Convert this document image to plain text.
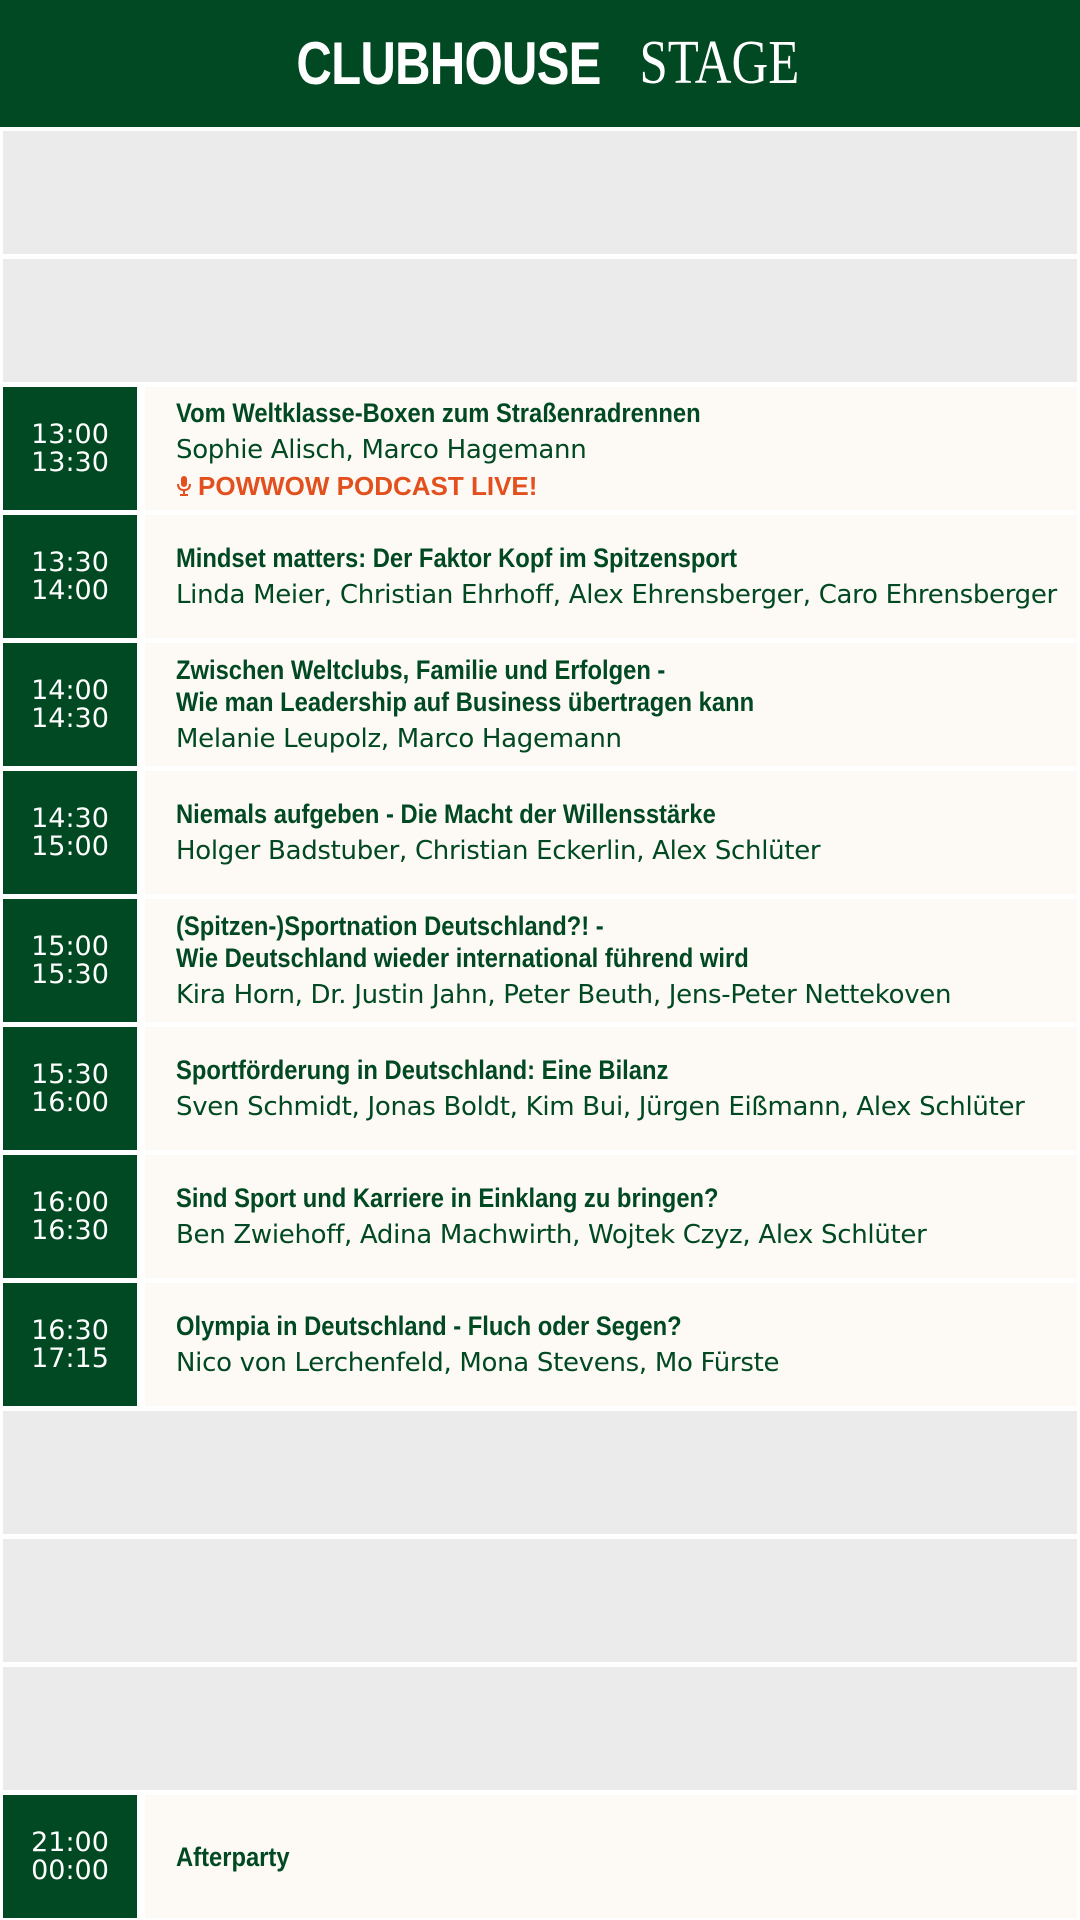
CLUBHOUSE STAGE
13:00
13:30
Vom Weltklasse-Boxen zum Straßenradrennen
Sophie Alisch, Marco Hagemann
POWWOW PODCAST LIVE!
13:30
14:00
Mindset matters: Der Faktor Kopf im Spitzensport
Linda Meier, Christian Ehrhoff, Alex Ehrensberger, Caro Ehrensberger
14:00
14:30
Zwischen Weltclubs, Familie und Erfolgen -
Wie man Leadership auf Business übertragen kann
Melanie Leupolz, Marco Hagemann
14:30
15:00
Niemals aufgeben - Die Macht der Willensstärke
Holger Badstuber, Christian Eckerlin, Alex Schlüter
15:00
15:30
(Spitzen-)Sportnation Deutschland?! -
Wie Deutschland wieder international führend wird
Kira Horn, Dr. Justin Jahn, Peter Beuth, Jens-Peter Nettekoven
15:30
16:00
Sportförderung in Deutschland: Eine Bilanz
Sven Schmidt, Jonas Boldt, Kim Bui, Jürgen Eißmann, Alex Schlüter
16:00
16:30
Sind Sport und Karriere in Einklang zu bringen?
Ben Zwiehoff, Adina Machwirth, Wojtek Czyz, Alex Schlüter
16:30
17:15
Olympia in Deutschland - Fluch oder Segen?
Nico von Lerchenfeld, Mona Stevens, Mo Fürste
21:00
00:00 Afterparty
